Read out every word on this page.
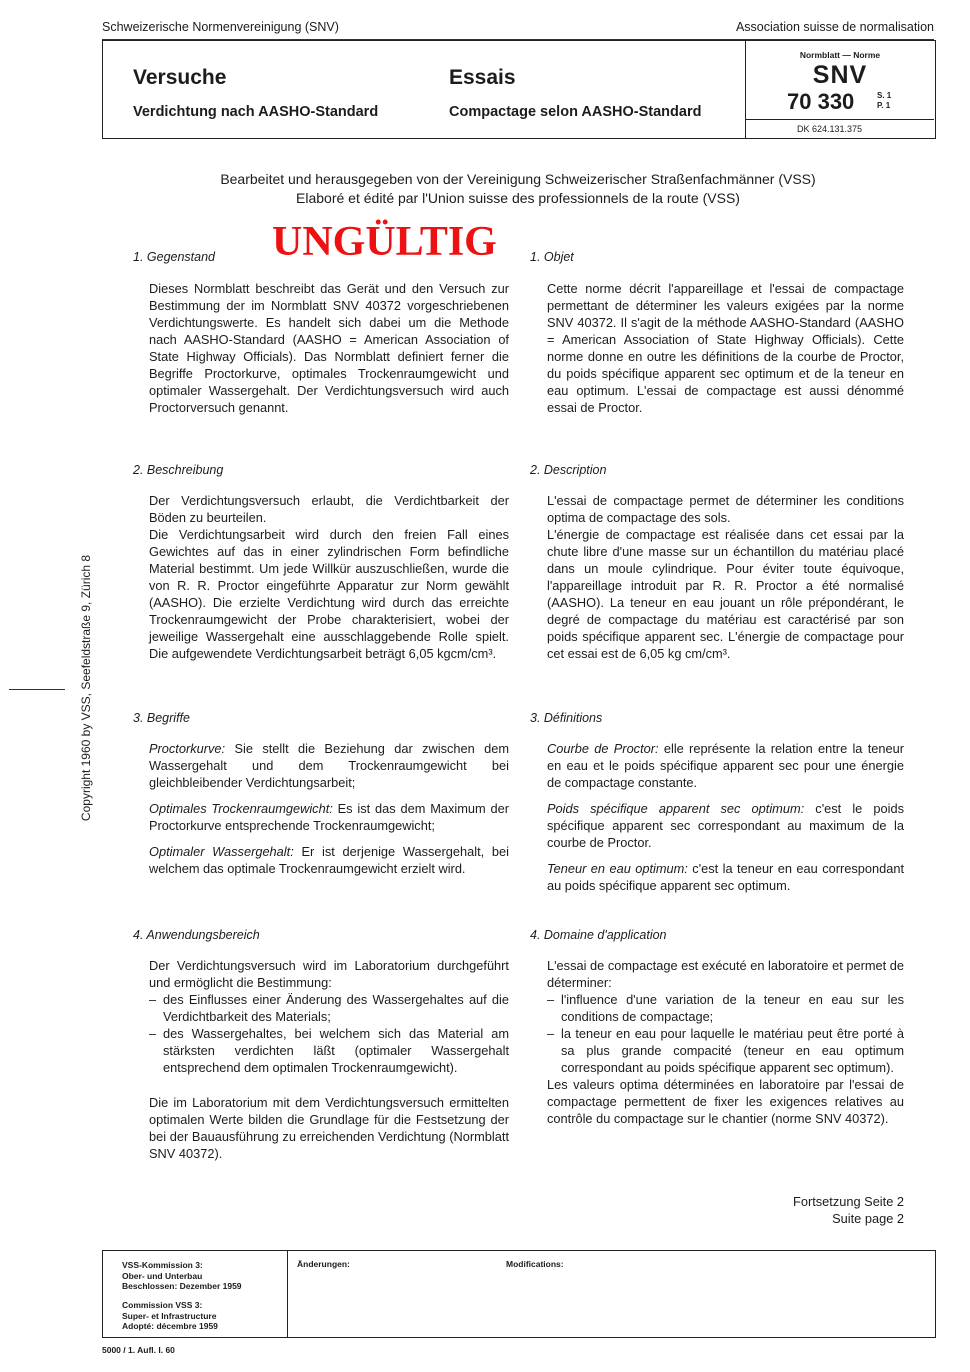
Schweizerische Normenvereinigung (SNV)	Association suisse de normalisation
Versuche
Verdichtung nach AASHO-Standard
Essais
Compactage selon AASHO-Standard
Normblatt — Norme
SNV
70 330	S. 1
P. 1
DK 624.131.375
Bearbeitet und herausgegeben von der Vereinigung Schweizerischer Straßenfachmänner (VSS)
Elaboré et édité par l'Union suisse des professionnels de la route (VSS)
UNGÜLTIG
Copyright 1960 by VSS, Seefeldstraße 9, Zürich 8
1. Gegenstand	1. Objet
Dieses Normblatt beschreibt das Gerät und den Versuch zur Bestimmung der im Normblatt SNV 40372 vorgeschriebenen Verdichtungswerte. Es handelt sich dabei um die Methode nach AASHO-Standard (AASHO = American Association of State Highway Officials). Das Normblatt definiert ferner die Begriffe Proctorkurve, optimales Trockenraumgewicht und optimaler Wassergehalt. Der Verdichtungsversuch wird auch Proctorversuch genannt.
Cette norme décrit l'appareillage et l'essai de compactage permettant de déterminer les valeurs exigées par la norme SNV 40372. Il s'agit de la méthode AASHO-Standard (AASHO = American Association of State Highway Officials). Cette norme donne en outre les définitions de la courbe de Proctor, du poids spécifique apparent sec optimum et de la teneur en eau optimum. L'essai de compactage est aussi dénommé essai de Proctor.
2. Beschreibung	2. Description
Der Verdichtungsversuch erlaubt, die Verdichtbarkeit der Böden zu beurteilen.
Die Verdichtungsarbeit wird durch den freien Fall eines Gewichtes auf das in einer zylindrischen Form befindliche Material bestimmt. Um jede Willkür auszuschließen, wurde die von R. R. Proctor eingeführte Apparatur zur Norm gewählt (AASHO). Die erzielte Verdichtung wird durch das erreichte Trockenraumgewicht der Probe charakterisiert, wobei der jeweilige Wassergehalt eine ausschlaggebende Rolle spielt. Die aufgewendete Verdichtungsarbeit beträgt 6,05 kgcm/cm³.
L'essai de compactage permet de déterminer les conditions optima de compactage des sols.
L'énergie de compactage est réalisée dans cet essai par la chute libre d'une masse sur un échantillon du matériau placé dans un moule cylindrique. Pour éviter toute équivoque, l'appareillage introduit par R. R. Proctor a été normalisé (AASHO). La teneur en eau jouant un rôle prépondérant, le degré de compactage du matériau est caractérisé par son poids spécifique apparent sec. L'énergie de compactage pour cet essai est de 6,05 kg cm/cm³.
3. Begriffe	3. Définitions
Proctorkurve: Sie stellt die Beziehung dar zwischen dem Wassergehalt und dem Trockenraumgewicht bei gleichbleibender Verdichtungsarbeit;
Optimales Trockenraumgewicht: Es ist das dem Maximum der Proctorkurve entsprechende Trockenraumgewicht;
Optimaler Wassergehalt: Er ist derjenige Wassergehalt, bei welchem das optimale Trockenraumgewicht erzielt wird.
Courbe de Proctor: elle représente la relation entre la teneur en eau et le poids spécifique apparent sec pour une énergie de compactage constante.
Poids spécifique apparent sec optimum: c'est le poids spécifique apparent sec correspondant au maximum de la courbe de Proctor.
Teneur en eau optimum: c'est la teneur en eau correspondant au poids spécifique apparent sec optimum.
4. Anwendungsbereich	4. Domaine d'application
Der Verdichtungsversuch wird im Laboratorium durchgeführt und ermöglicht die Bestimmung:
– des Einflusses einer Änderung des Wassergehaltes auf die Verdichtbarkeit des Materials;
– des Wassergehaltes, bei welchem sich das Material am stärksten verdichten läßt (optimaler Wassergehalt entsprechend dem optimalen Trockenraumgewicht).
Die im Laboratorium mit dem Verdichtungsversuch ermittelten optimalen Werte bilden die Grundlage für die Festsetzung der bei der Bauausführung zu erreichenden Verdichtung (Normblatt SNV 40372).
L'essai de compactage est exécuté en laboratoire et permet de déterminer:
– l'influence d'une variation de la teneur en eau sur les conditions de compactage;
– la teneur en eau pour laquelle le matériau peut être porté à sa plus grande compacité (teneur en eau optimum correspondant au poids spécifique apparent sec optimum).
Les valeurs optima déterminées en laboratoire par l'essai de compactage permettent de fixer les exigences relatives au contrôle du compactage sur le chantier (norme SNV 40372).
Fortsetzung Seite 2
Suite page 2
VSS-Kommission 3:
Ober- und Unterbau
Beschlossen: Dezember 1959
Commission VSS 3:
Super- et Infrastructure
Adopté: décembre 1959
Änderungen:	Modifications:
5000 / 1. Aufl. I. 60
